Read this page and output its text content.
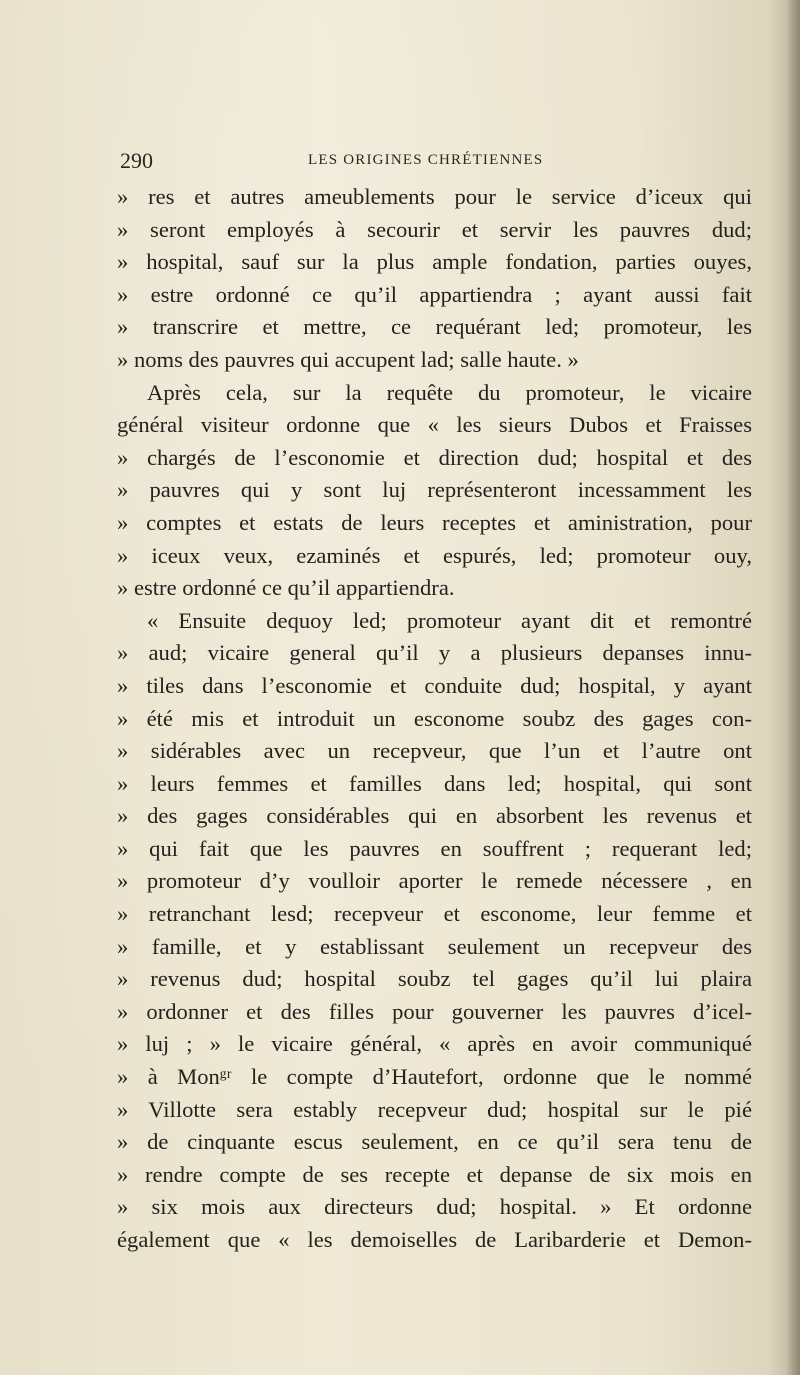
290	LES ORIGINES CHRÉTIENNES
» res et autres ameublements pour le service d’iceux qui
» seront employés à secourir et servir les pauvres dud;
» hospital, sauf sur la plus ample fondation, parties ouyes,
» estre ordonné ce qu’il appartiendra ; ayant aussi fait
» transcrire et mettre, ce requérant led; promoteur, les
» noms des pauvres qui accupent lad; salle haute. »
Après cela, sur la requête du promoteur, le vicaire
général visiteur ordonne que « les sieurs Dubos et Fraisses
» chargés de l’esconomie et direction dud; hospital et des
» pauvres qui y sont luj représenteront incessamment les
» comptes et estats de leurs receptes et aministration, pour
» iceux veux, ezaminés et espurés, led; promoteur ouy,
» estre ordonné ce qu’il appartiendra.
« Ensuite dequoy led; promoteur ayant dit et remontré
» aud; vicaire general qu’il y a plusieurs depanses innu-
» tiles dans l’esconomie et conduite dud; hospital, y ayant
» été mis et introduit un esconome soubz des gages con-
» sidérables avec un recepveur, que l’un et l’autre ont
» leurs femmes et familles dans led; hospital, qui sont
» des gages considérables qui en absorbent les revenus et
» qui fait que les pauvres en souffrent ; requerant led;
» promoteur d’y voulloir aporter le remede nécessere , en
» retranchant lesd; recepveur et esconome, leur femme et
» famille, et y establissant seulement un recepveur des
» revenus dud; hospital soubz tel gages qu’il lui plaira
» ordonner et des filles pour gouverner les pauvres d’icel-
» luj ; » le vicaire général, « après en avoir communiqué
» à Monᵍʳ le compte d’Hautefort, ordonne que le nommé
» Villotte sera estably recepveur dud; hospital sur le pié
» de cinquante escus seulement, en ce qu’il sera tenu de
» rendre compte de ses recepte et depanse de six mois en
» six mois aux directeurs dud; hospital. » Et ordonne
également que « les demoiselles de Laribarderie et Demon-
